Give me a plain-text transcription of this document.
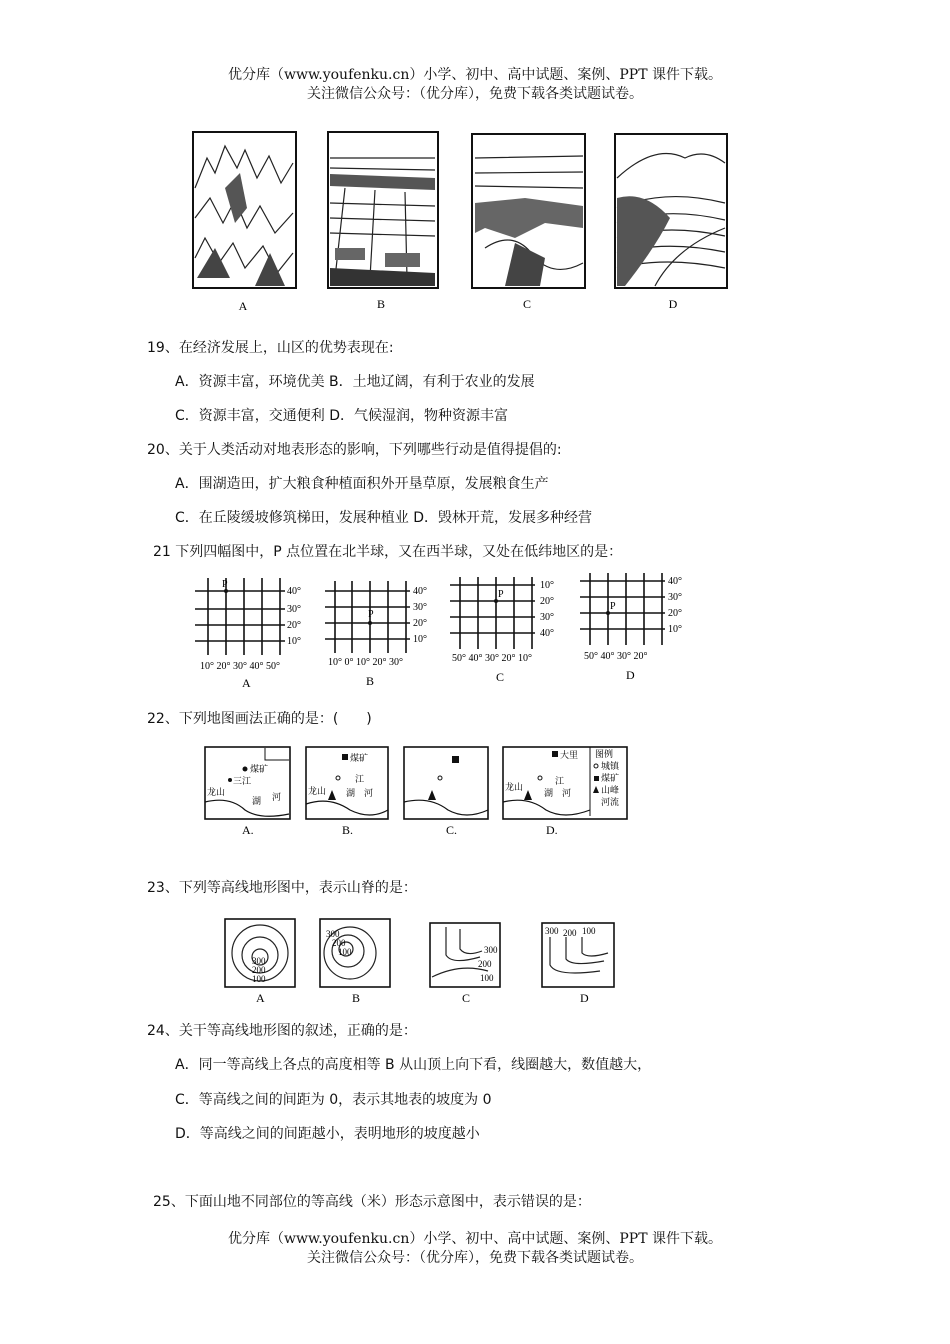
优分库（www.youfenku.cn）小学、初中、高中试题、案例、PPT 课件下载。
关注微信公众号：（优分库），免费下载各类试题试卷。
A	B	C	D
19、在经济发展上，山区的优势表现在:
A．资源丰富，环境优美 B．土地辽阔，有利于农业的发展
C．资源丰富，交通便利 D．气候湿润，物种资源丰富
20、关于人类活动对地表形态的影响，下列哪些行动是值得提倡的:
A．围湖造田，扩大粮食种植面积外开垦草原，发展粮食生产
C．在丘陵缓坡修筑梯田，发展种植业 D．毁林开荒，发展多种经营
21 下列四幅图中，P 点位置在北半球，又在西半球，又处在低纬地区的是：
P
40°
30°
20°
10°
10° 20° 30° 40° 50°
A
P
40°
30°
20°
10°
10° 0° 10° 20° 30°
B
P
10°
20°
30°
40°
50° 40° 30° 20° 10°
C
P
40°
30°
20°
10°
50° 40° 30° 20°
D
22、下列地图画法正确的是：(　　)
煤矿
三江
龙山
湖 河
A.
煤矿
江
龙山 湖 河
B.	C.
大里
江
龙山
湖 河
图例
城镇
煤矿
山峰
河流
D.
23、下列等高线地形图中，表示山脊的是：
300
200
100
A
300
200
100
B
300
200
100
C
300 200 100
D
24、关干等高线地形图的叙述，正确的是：
A．同一等高线上各点的高度相等 B 从山顶上向下看，线圈越大，数值越大，
C．等高线之间的间距为 0，表示其地表的坡度为 0
D．等高线之间的间距越小，表明地形的坡度越小
25、下面山地不同部位的等高线（米）形态示意图中，表示错误的是：
优分库（www.youfenku.cn）小学、初中、高中试题、案例、PPT 课件下载。
关注微信公众号：（优分库），免费下载各类试题试卷。
